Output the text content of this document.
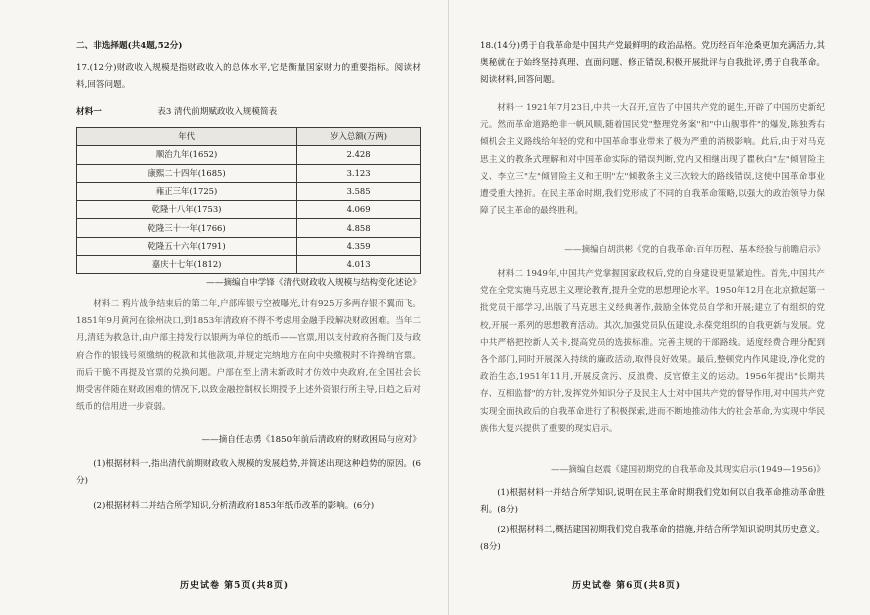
二、非选择题(共4题,52分)

17.(12分)财政收入规模是指财政收入的总体水平,它是衡量国家财力的重要指标。阅读材料,回答问题。

材料一	表3 清代前期赋政收入规模简表
年代	岁入总额(万两)
顺治九年(1652)	2.428
康熙二十四年(1685)	3.123
雍正三年(1725)	3.585
乾隆十八年(1753)	4.069
乾隆三十一年(1766)	4.858
乾隆五十六年(1791)	4.359
嘉庆十七年(1812)	4.013

——摘编自申学锋《清代财政收入规模与结构变化述论》

材料二 鸦片战争结束后的第二年,户部库银亏空被曝光,计有925万多两存银不翼而飞。1851年9月黄河在徐州决口,到1853年清政府不得不考虑用金融手段解决财政困难。当年二月,清廷为救急计,由户部主持发行以银两为单位的纸币——官票,用以支付政府各衙门及与政府合作的银钱号须缴纳的税款和其他款项,并规定完纳地方在向中央缴税时不许搀纳官票。而后干脆不再提及官票的兑换问题。户部在至上清末新政时才仿效中央政府,在全国社会长期受害伴随在财政困难的情况下,以致金融控制权长期授予上述外资银行所主导,日趋之后对纸币的信用进一步衰弱。

——摘自任志勇《1850年前后清政府的财政困局与应对》

(1)根据材料一,指出清代前期财政收入规模的发展趋势,并简述出现这种趋势的原因。(6分)

(2)根据材料二并结合所学知识,分析清政府1853年纸币改革的影响。(6分)

历史试卷 第5页(共8页)

18.(14分)勇于自我革命是中国共产党最鲜明的政治品格。党历经百年沧桑更加充满活力,其奥秘就在于始终坚持真理、直面问题、修正错误,积极开展批评与自我批评,勇于自我革命。阅读材料,回答问题。

材料一 1921年7月23日,中共一大召开,宣告了中国共产党的诞生,开辟了中国历史新纪元。然而革命道路绝非一帆风顺,随着国民党"整理党务案"和"中山舰事件"的爆发,陈独秀右倾机会主义路线给年轻的党和中国革命事业带来了极为严重的消极影响。此后,由于对马克思主义的教条式理解和对中国革命实际的错误判断,党内又相继出现了瞿秋白"左"倾冒险主义、李立三"左"倾冒险主义和王明"左"倾教条主义三次较大的路线错误,这使中国革命事业遭受重大挫折。在民主革命时期,我们党形成了不同的自我革命策略,以强大的政治领导力保障了民主革命的最终胜利。

——摘编自胡洪彬《党的自我革命:百年历程、基本经验与前瞻启示》

材料二 1949年,中国共产党掌握国家政权后,党的自身建设更显紧迫性。首先,中国共产党在全党实施马克思主义理论教育,提升全党的思想理论水平。1950年12月在北京掀起第一批党员干部学习,出版了马克思主义经典著作,鼓励全体党员自学和开展;建立了有组织的党校,开展一系列的思想教育活动。其次,加强党员队伍建设,永葆党组织的自我更新与发展。党中共严格把控新人关卡,提高党员的选拔标准。完善主规的干部路线。适度经费合理分配到各个部门,同时开展深入持续的廉政活动,取得良好效果。最后,整顿党内作风建设,净化党的政治生态,1951年11月,开展反贪污、反浪费、反官僚主义的运动。1956年提出"长期共存、互相监督"的方针,发挥党外知识分子及民主人士对中国共产党的督导作用,对中国共产党实现全面执政后的自我革命进行了积极探索,进而不断地推动伟大的社会革命,为实现中华民族伟大复兴提供了重要的现实启示。

——摘编自赵震《建国初期党的自我革命及其现实启示(1949—1956)》

(1)根据材料一并结合所学知识,说明在民主革命时期我们党如何以自我革命推动革命胜利。(8分)

(2)根据材料二,概括建国初期我们党自我革命的措施,并结合所学知识说明其历史意义。(8分)

历史试卷 第6页(共8页)
